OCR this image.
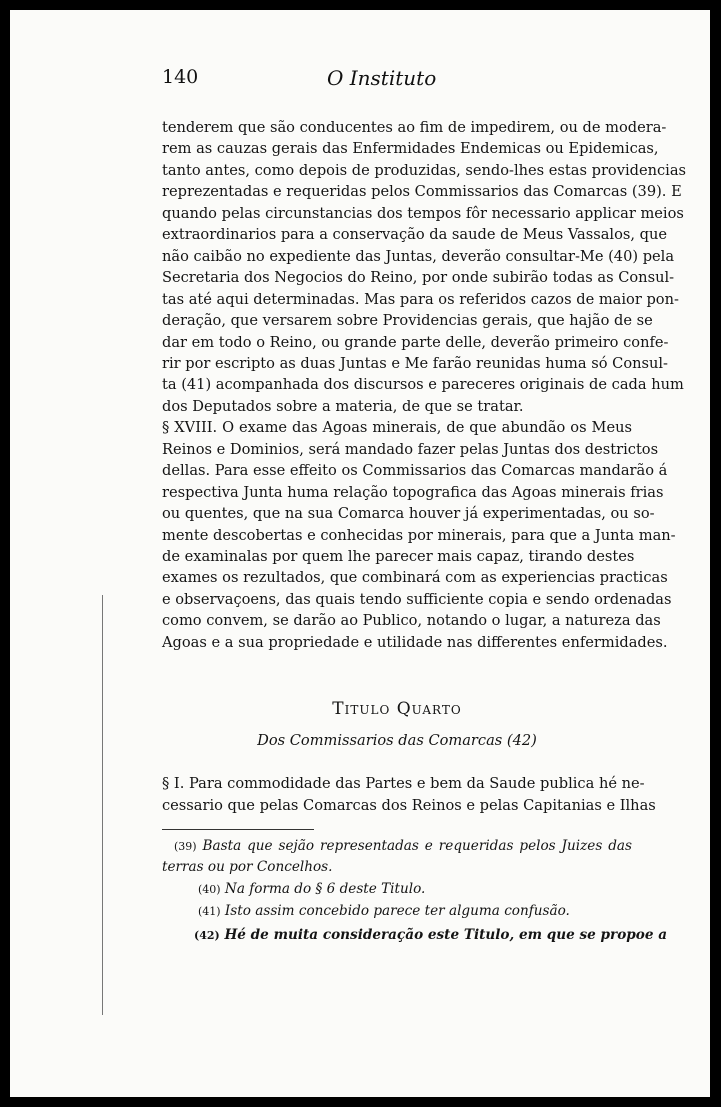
140	O Instituto
tenderem que são conducentes ao fim de impedirem, ou de modera-
rem as cauzas gerais das Enfermidades Endemicas ou Epidemicas,
tanto antes, como depois de produzidas, sendo-lhes estas providencias
reprezentadas e requeridas pelos Commissarios das Comarcas (39). E
quando pelas circunstancias dos tempos fôr necessario applicar meios
extraordinarios para a conservação da saude de Meus Vassalos, que
não caibão no expediente das Juntas, deverão consultar-Me (40) pela
Secretaria dos Negocios do Reino, por onde subirão todas as Consul-
tas até aqui determinadas. Mas para os referidos cazos de maior pon-
deração, que versarem sobre Providencias gerais, que hajão de se
dar em todo o Reino, ou grande parte delle, deverão primeiro confe-
rir por escripto as duas Juntas e Me farão reunidas huma só Consul-
ta (41) acompanhada dos discursos e pareceres originais de cada hum
dos Deputados sobre a materia, de que se tratar.
§ XVIII. O exame das Agoas minerais, de que abundão os Meus
Reinos e Dominios, será mandado fazer pelas Juntas dos destrictos
dellas. Para esse effeito os Commissarios das Comarcas mandarão á
respectiva Junta huma relação topografica das Agoas minerais frias
ou quentes, que na sua Comarca houver já experimentadas, ou so-
mente descobertas e conhecidas por minerais, para que a Junta man-
de examinalas por quem lhe parecer mais capaz, tirando destes
exames os rezultados, que combinará com as experiencias practicas
e observaçoens, das quais tendo sufficiente copia e sendo ordenadas
como convem, se darão ao Publico, notando o lugar, a natureza das
Agoas e a sua propriedade e utilidade nas differentes enfermidades.
Titulo Quarto
Dos Commissarios das Comarcas (42)
§ I. Para commodidade das Partes e bem da Saude publica hé ne-
cessario que pelas Comarcas dos Reinos e pelas Capitanias e Ilhas
(39) Basta que sejão representadas e requeridas pelos Juizes das
terras ou por Concelhos.
(40) Na forma do § 6 deste Titulo.
(41) Isto assim concebido parece ter alguma confusão.
(42) Hé de muita consideração este Titulo, em que se propoe a
